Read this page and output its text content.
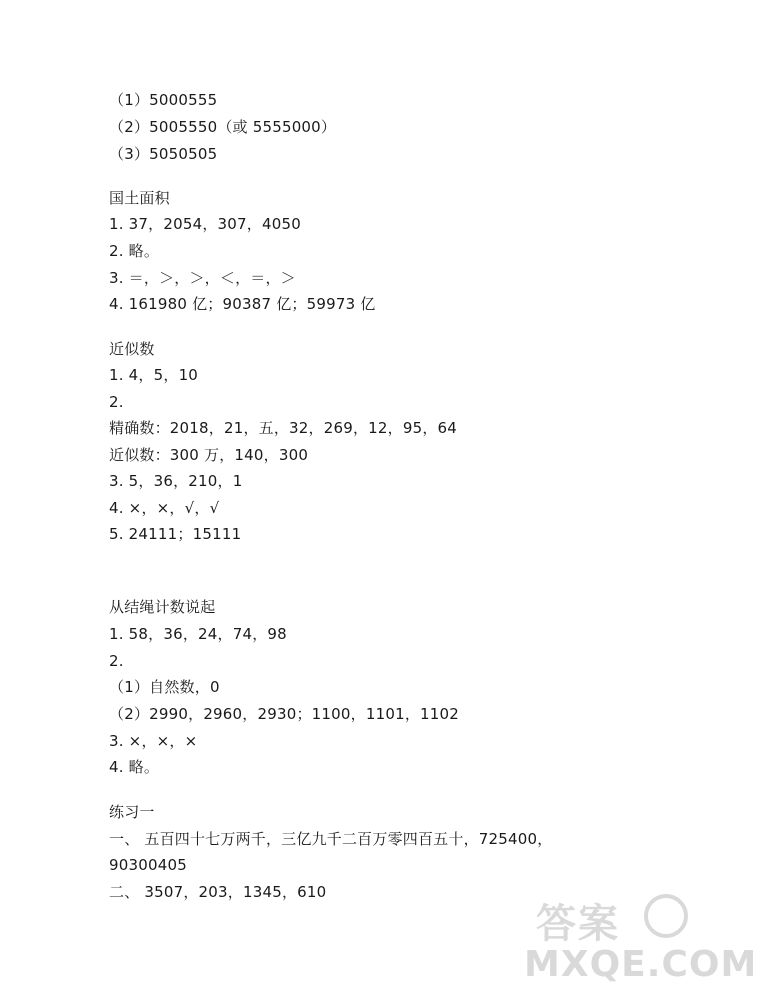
（1）5000555
（2）5005550（或 5555000）
（3）5050505
国土面积
1. 37，2054，307，4050
2. 略。
3. ＝，＞，＞，＜，＝，＞
4. 161980 亿；90387 亿；59973 亿
近似数
1. 4，5，10
2.
精确数：2018，21，五，32，269，12，95，64
近似数：300 万，140，300
3. 5，36，210，1
4. ×，×，√，√
5. 24111；15111
从结绳计数说起
1. 58，36，24，74，98
2.
（1）自然数，0
（2）2990，2960，2930；1100，1101，1102
3. ×，×，×
4. 略。
练习一
一、 五百四十七万两千，三亿九千二百万零四百五十，725400，
90300405
二、 3507，203，1345，610
答案
MXQE.COM
